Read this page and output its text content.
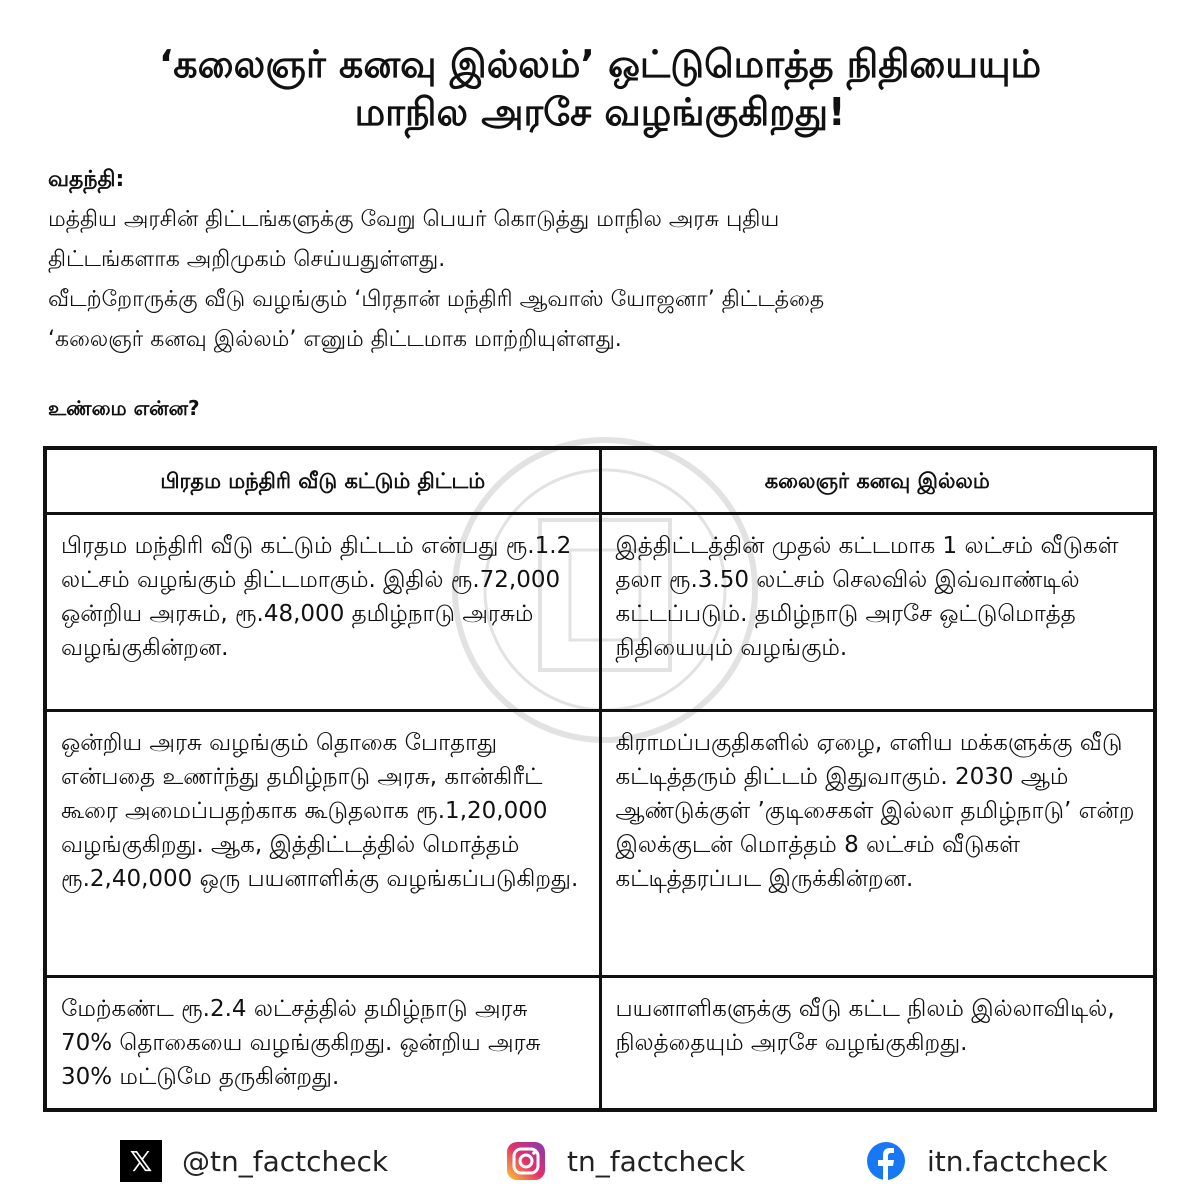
‘கலைஞர் கனவு இல்லம்’ ஒட்டுமொத்த நிதியையும்
மாநில அரசே வழங்குகிறது!
வதந்தி:
மத்திய அரசின் திட்டங்களுக்கு வேறு பெயர் கொடுத்து மாநில அரசு புதிய
திட்டங்களாக அறிமுகம் செய்யதுள்ளது.
வீடற்றோருக்கு வீடு வழங்கும் ‘பிரதான் மந்திரி ஆவாஸ் யோஜனா’ திட்டத்தை
‘கலைஞர் கனவு இல்லம்’ எனும் திட்டமாக மாற்றியுள்ளது.
உண்மை என்ன?
பிரதம மந்திரி வீடு கட்டும் திட்டம்	கலைஞர் கனவு இல்லம்
பிரதம மந்திரி வீடு கட்டும் திட்டம் என்பது ரூ.1.2 லட்சம் வழங்கும் திட்டமாகும். இதில் ரூ.72,000 ஒன்றிய அரசும், ரூ.48,000 தமிழ்நாடு அரசும் வழங்குகின்றன.	இத்திட்டத்தின் முதல் கட்டமாக 1 லட்சம் வீடுகள் தலா ரூ.3.50 லட்சம் செலவில் இவ்வாண்டில் கட்டப்படும். தமிழ்நாடு அரசே ஒட்டுமொத்த நிதியையும் வழங்கும்.
ஒன்றிய அரசு வழங்கும் தொகை போதாது என்பதை உணர்ந்து தமிழ்நாடு அரசு, கான்கிரீட் கூரை அமைப்பதற்காக கூடுதலாக ரூ.1,20,000 வழங்குகிறது. ஆக, இத்திட்டத்தில் மொத்தம் ரூ.2,40,000 ஒரு பயனாளிக்கு வழங்கப்படுகிறது.	கிராமப்பகுதிகளில் ஏழை, எளிய மக்களுக்கு வீடு கட்டித்தரும் திட்டம் இதுவாகும். 2030 ஆம் ஆண்டுக்குள் ’குடிசைகள் இல்லா தமிழ்நாடு’ என்ற இலக்குடன் மொத்தம் 8 லட்சம் வீடுகள் கட்டித்தரப்பட இருக்கின்றன.
மேற்கண்ட ரூ.2.4 லட்சத்தில் தமிழ்நாடு அரசு 70% தொகையை வழங்குகிறது. ஒன்றிய அரசு 30% மட்டுமே தருகின்றது.	பயனாளிகளுக்கு வீடு கட்ட நிலம் இல்லாவிடில், நிலத்தையும் அரசே வழங்குகிறது.
𝕏	@tn_factcheck	tn_factcheck	itn.factcheck
